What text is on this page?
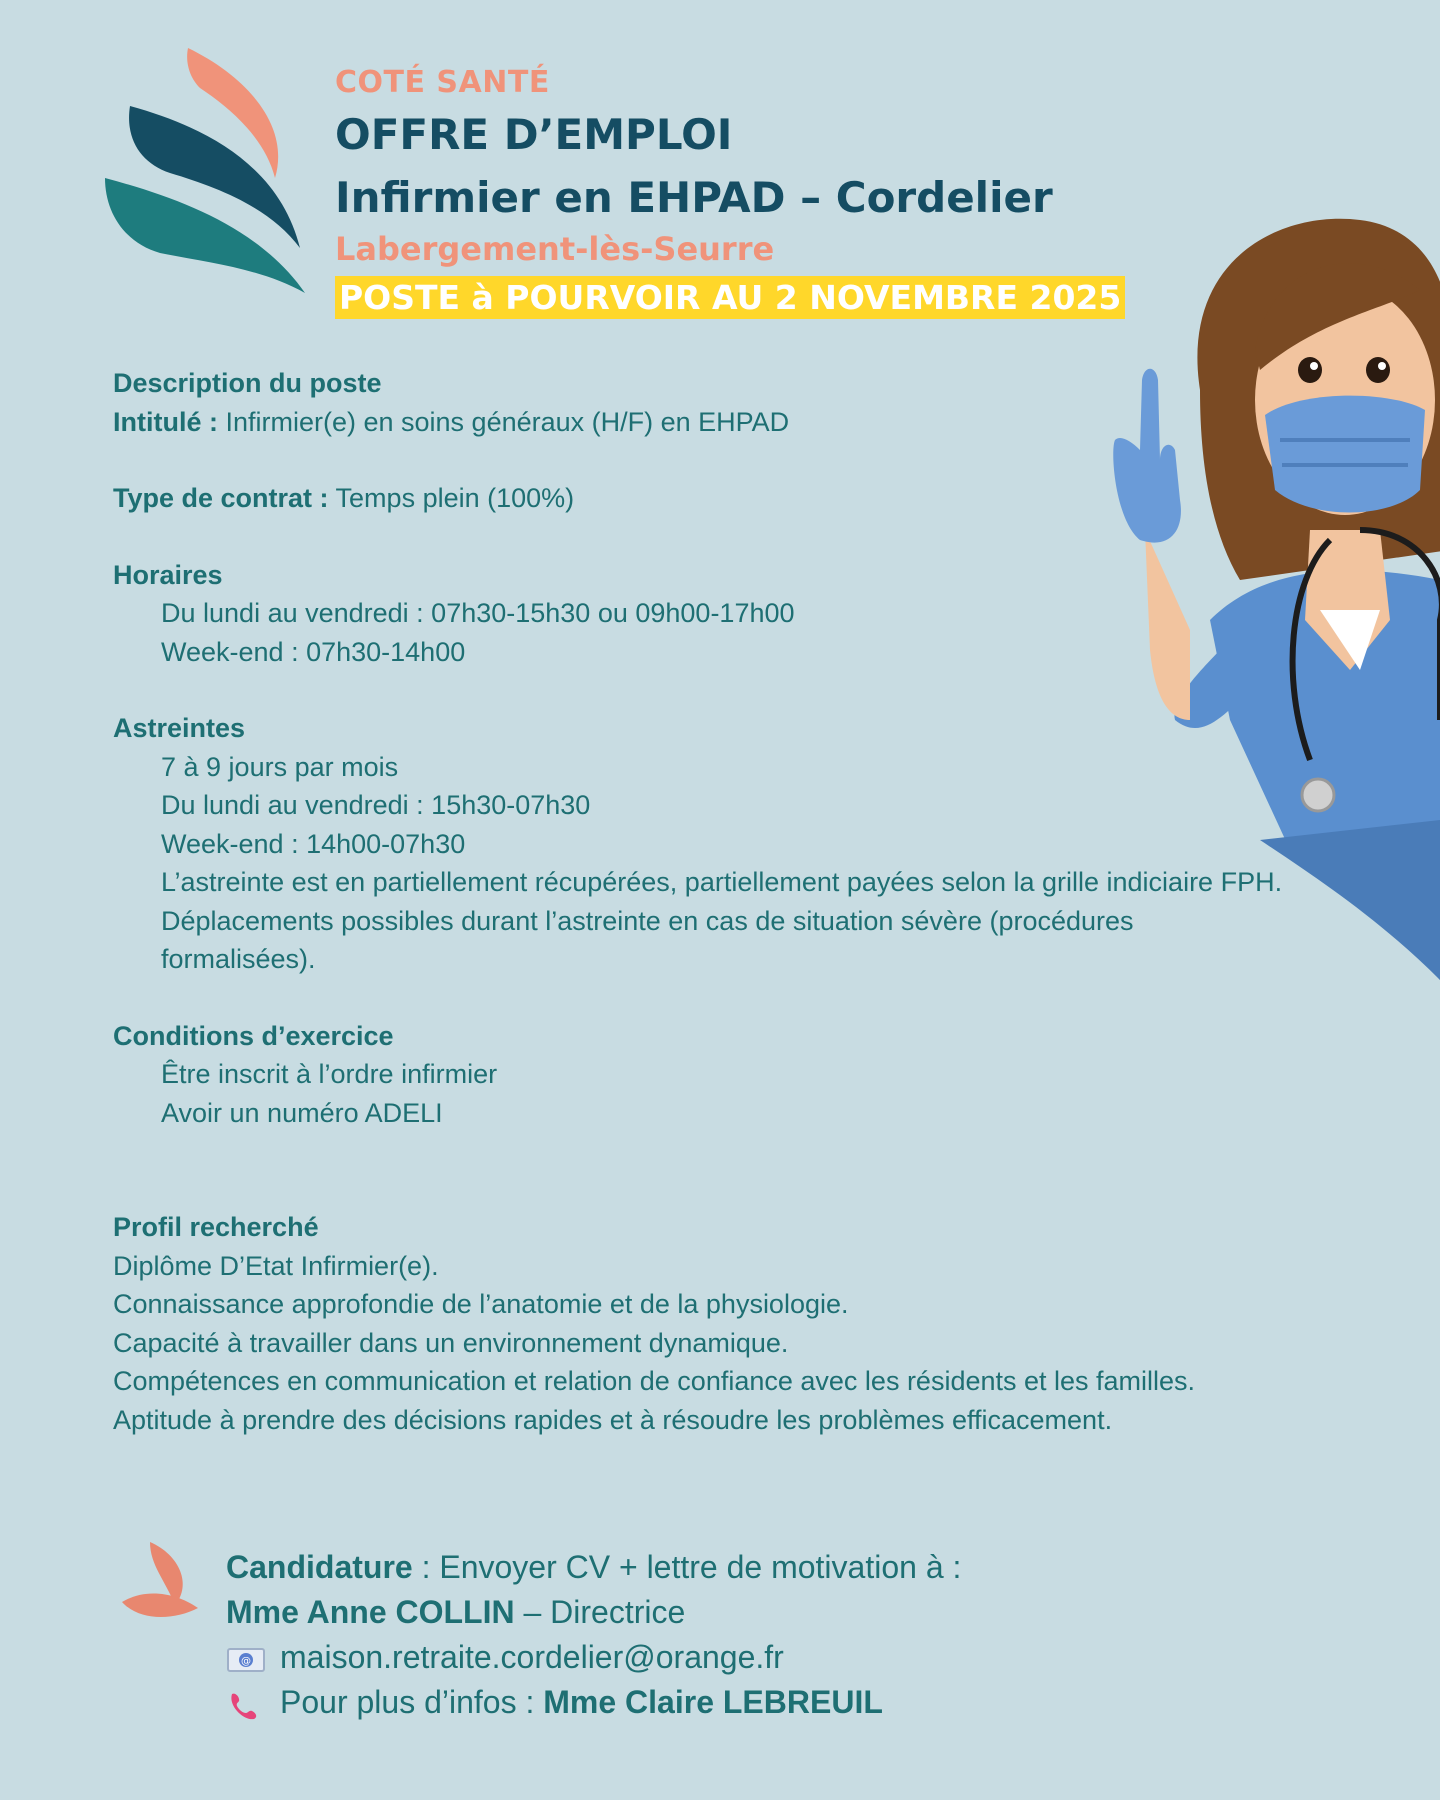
COTÉ SANTÉ
OFFRE D’EMPLOI
Infirmier en EHPAD – Cordelier
Labergement-lès-Seurre
POSTE à POURVOIR AU 2 NOVEMBRE 2025

Description du poste

Intitulé : Infirmier(e) en soins généraux (H/F) en EHPAD

Type de contrat : Temps plein (100%)

Horaires

Du lundi au vendredi : 07h30-15h30 ou 09h00-17h00

Week-end : 07h30-14h00

Astreintes

7 à 9 jours par mois

Du lundi au vendredi : 15h30-07h30

Week-end : 14h00-07h30

L’astreinte est en partiellement récupérées, partiellement payées selon la grille indiciaire FPH.

Déplacements possibles durant l’astreinte en cas de situation sévère (procédures formalisées).

Conditions d’exercice

Être inscrit à l’ordre infirmier

Avoir un numéro ADELI

Profil recherché

Diplôme D’Etat Infirmier(e).

Connaissance approfondie de l’anatomie et de la physiologie.

Capacité à travailler dans un environnement dynamique.

Compétences en communication et relation de confiance avec les résidents et les familles.

Aptitude à prendre des décisions rapides et à résoudre les problèmes efficacement.

Candidature : Envoyer CV + lettre de motivation à :

Mme Anne COLLIN – Directrice

@ maison.retraite.cordelier@orange.fr

Pour plus d’infos : Mme Claire LEBREUIL
